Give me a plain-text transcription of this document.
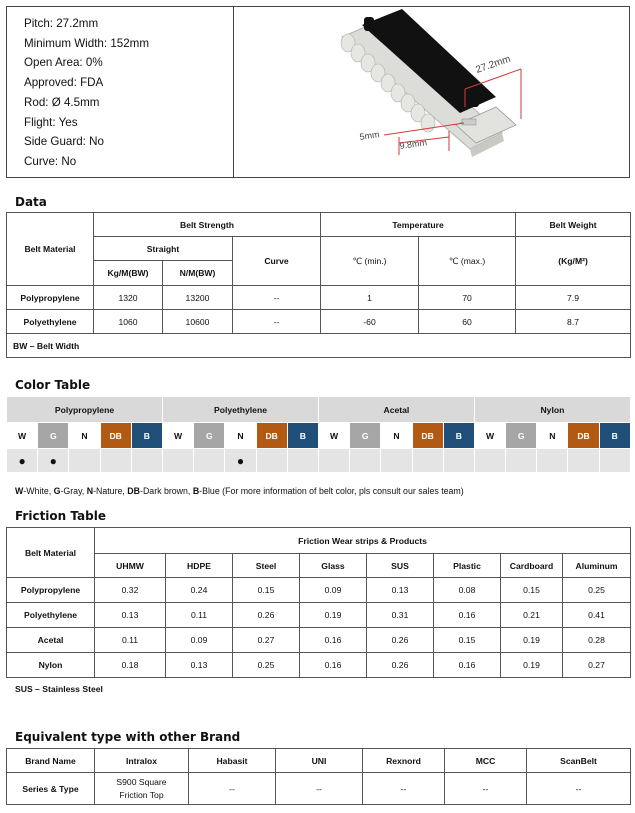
Pitch: 27.2mm
Minimum Width: 152mm
Open Area: 0%
Approved: FDA
Rod: Ø 4.5mm
Flight: Yes
Side Guard: No
Curve: No
27.2mm
5mm
9.8mm
Data
Belt Material	Belt Strength			Temperature		Belt Weight
	Straight		Curve	℃ (min.)	℃ (max.)	(Kg/M²)
	Kg/M(BW)	N/M(BW)				
Polypropylene	1320	13200	--	1	70	7.9
Polyethylene	1060	10600	--	-60	60	8.7
BW – Belt Width						
Color Table
Polypropylene					Polyethylene					Acetal					Nylon				
W	G	N	DB	B	W	G	N	DB	B	W	G	N	DB	B	W	G	N	DB	B
●	●						●												
W-White, G-Gray, N-Nature, DB-Dark brown, B-Blue (For more information of belt color, pls consult our sales team)
Friction Table
Belt Material	Friction Wear strips & Products							
	UHMW	HDPE	Steel	Glass	SUS	Plastic	Cardboard	Aluminum
Polypropylene	0.32	0.24	0.15	0.09	0.13	0.08	0.15	0.25
Polyethylene	0.13	0.11	0.26	0.19	0.31	0.16	0.21	0.41
Acetal	0.11	0.09	0.27	0.16	0.26	0.15	0.19	0.28
Nylon	0.18	0.13	0.25	0.16	0.26	0.16	0.19	0.27
SUS – Stainless Steel
Equivalent type with other Brand
Brand Name	Intralox	Habasit	UNI	Rexnord	MCC	ScanBelt
Series & Type	S900 Square
Friction Top	--	--	--	--	--
